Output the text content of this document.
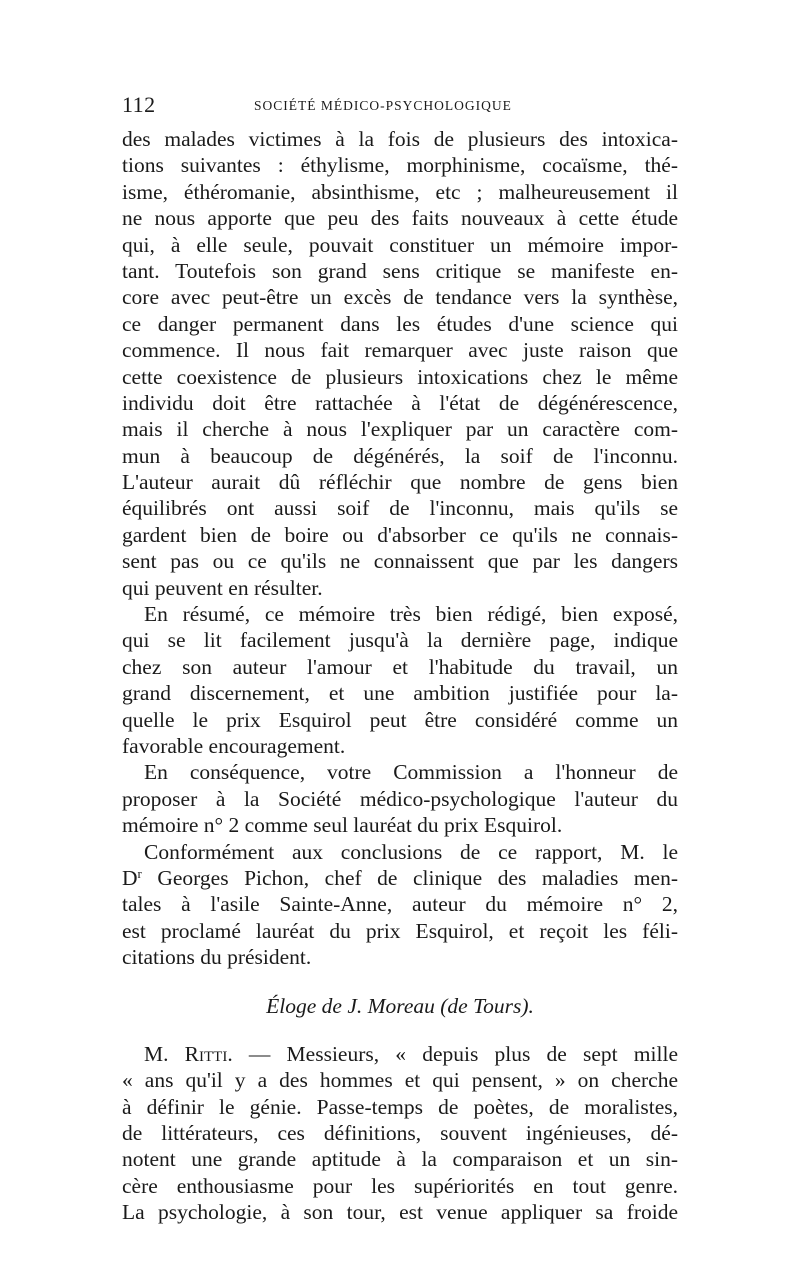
112	SOCIÉTÉ MÉDICO-PSYCHOLOGIQUE
des malades victimes à la fois de plusieurs des intoxica-
tions suivantes : éthylisme, morphinisme, cocaïsme, thé-
isme, éthéromanie, absinthisme, etc ; malheureusement il
ne nous apporte que peu des faits nouveaux à cette étude
qui, à elle seule, pouvait constituer un mémoire impor-
tant. Toutefois son grand sens critique se manifeste en-
core avec peut-être un excès de tendance vers la synthèse,
ce danger permanent dans les études d'une science qui
commence. Il nous fait remarquer avec juste raison que
cette coexistence de plusieurs intoxications chez le même
individu doit être rattachée à l'état de dégénérescence,
mais il cherche à nous l'expliquer par un caractère com-
mun à beaucoup de dégénérés, la soif de l'inconnu.
L'auteur aurait dû réfléchir que nombre de gens bien
équilibrés ont aussi soif de l'inconnu, mais qu'ils se
gardent bien de boire ou d'absorber ce qu'ils ne connais-
sent pas ou ce qu'ils ne connaissent que par les dangers
qui peuvent en résulter.
En résumé, ce mémoire très bien rédigé, bien exposé,
qui se lit facilement jusqu'à la dernière page, indique
chez son auteur l'amour et l'habitude du travail, un
grand discernement, et une ambition justifiée pour la-
quelle le prix Esquirol peut être considéré comme un
favorable encouragement.
En conséquence, votre Commission a l'honneur de
proposer à la Société médico-psychologique l'auteur du
mémoire n° 2 comme seul lauréat du prix Esquirol.
Conformément aux conclusions de ce rapport, M. le
$D^r$ Georges Pichon, chef de clinique des maladies men-
tales à l'asile Sainte-Anne, auteur du mémoire n° 2,
est proclamé lauréat du prix Esquirol, et reçoit les féli-
citations du président.
Éloge de J. Moreau (de Tours).
M. Ritti. — Messieurs, « depuis plus de sept mille
« ans qu'il y a des hommes et qui pensent, » on cherche
à définir le génie. Passe-temps de poètes, de moralistes,
de littérateurs, ces définitions, souvent ingénieuses, dé-
notent une grande aptitude à la comparaison et un sin-
cère enthousiasme pour les supériorités en tout genre.
La psychologie, à son tour, est venue appliquer sa froide
